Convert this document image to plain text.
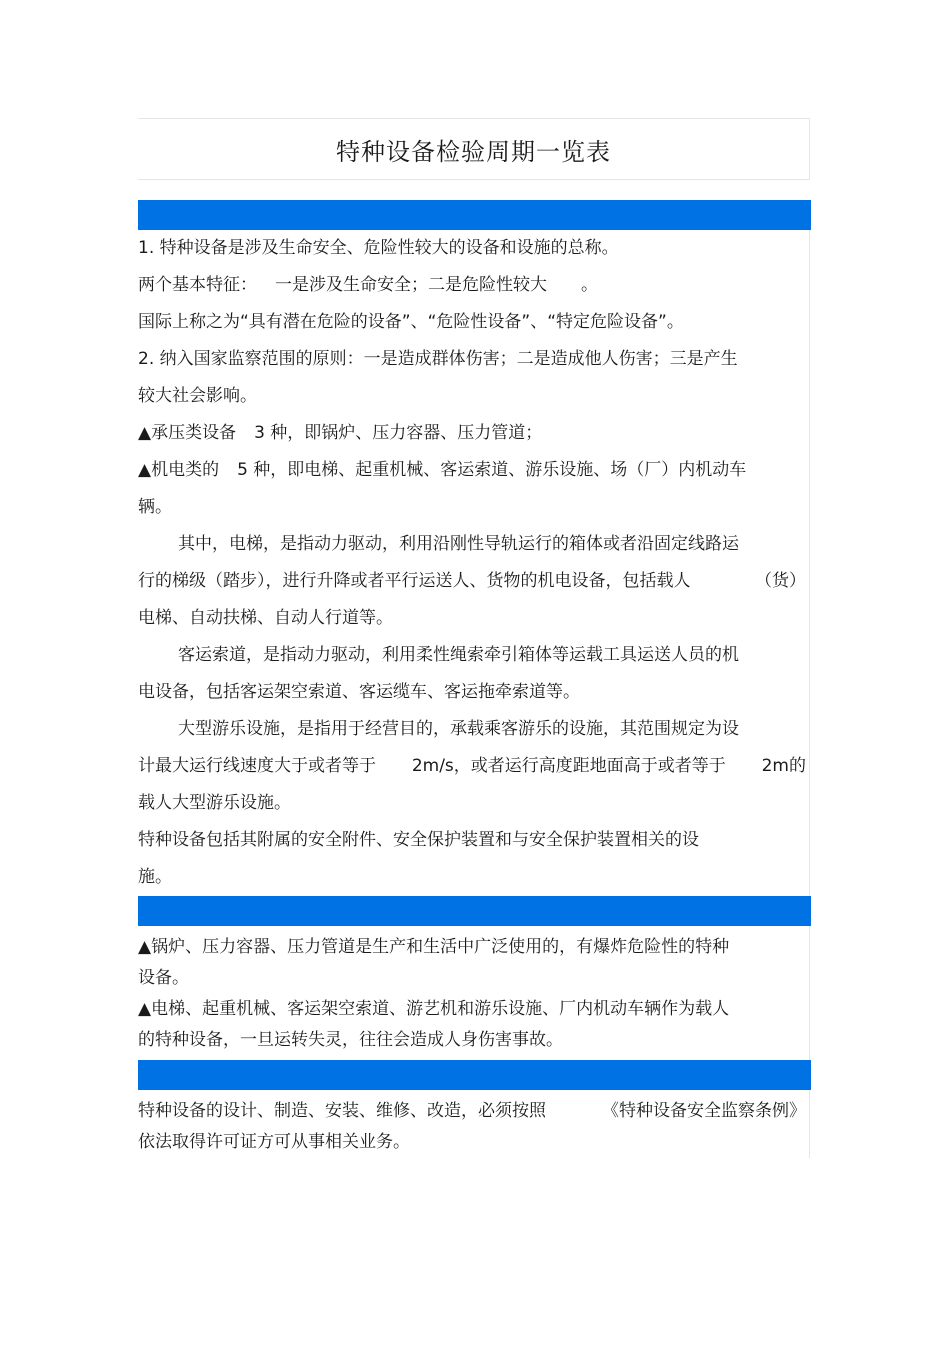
特种设备检验周期一览表
1. 特种设备是涉及生命安全、危险性较大的设备和设施的总称。
两个基本特征： 一是涉及生命安全；二是危险性较大 。
国际上称之为“具有潜在危险的设备”、“危险性设备”、“特定危险设备”。
2. 纳入国家监察范围的原则：一是造成群体伤害；二是造成他人伤害；三是产生
较大社会影响。
▲承压类设备 3 种，即锅炉、压力容器、压力管道；
▲机电类的 5 种，即电梯、起重机械、客运索道、游乐设施、场（厂）内机动车
辆。
其中，电梯，是指动力驱动，利用沿刚性导轨运行的箱体或者沿固定线路运
行的梯级（踏步），进行升降或者平行运送人、货物的机电设备，包括载人	（货）
电梯、自动扶梯、自动人行道等。
客运索道，是指动力驱动，利用柔性绳索牵引箱体等运载工具运送人员的机
电设备，包括客运架空索道、客运缆车、客运拖牵索道等。
大型游乐设施，是指用于经营目的，承载乘客游乐的设施，其范围规定为设
计最大运行线速度大于或者等于 2m/s，或者运行高度距地面高于或者等于 2m的
载人大型游乐设施。
特种设备包括其附属的安全附件、安全保护装置和与安全保护装置相关的设
施。
▲锅炉、压力容器、压力管道是生产和生活中广泛使用的，有爆炸危险性的特种
设备。
▲电梯、起重机械、客运架空索道、游艺机和游乐设施、厂内机动车辆作为载人
的特种设备，一旦运转失灵，往往会造成人身伤害事故。
特种设备的设计、制造、安装、维修、改造，必须按照	《特种设备安全监察条例》
依法取得许可证方可从事相关业务。
